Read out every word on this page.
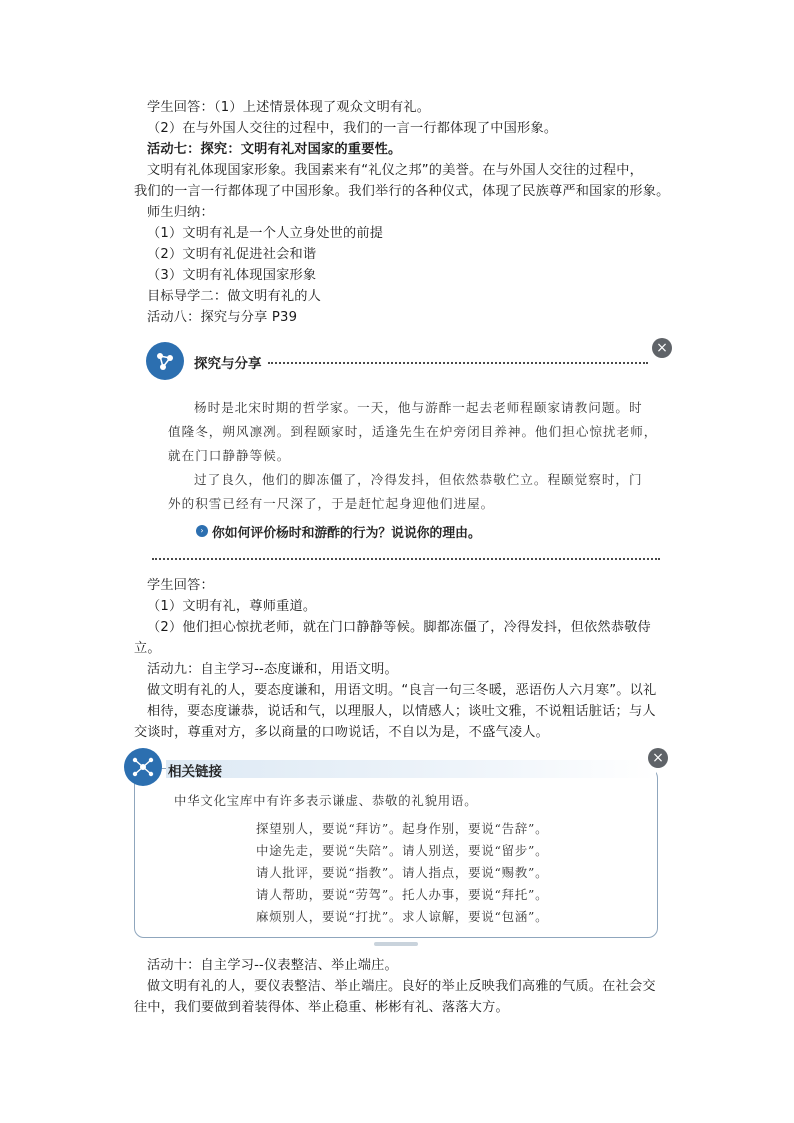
学生回答：（1）上述情景体现了观众文明有礼。
（2）在与外国人交往的过程中，我们的一言一行都体现了中国形象。
活动七：探究：文明有礼对国家的重要性。
文明有礼体现国家形象。我国素来有“礼仪之邦”的美誉。在与外国人交往的过程中，
我们的一言一行都体现了中国形象。我们举行的各种仪式，体现了民族尊严和国家的形象。
师生归纳：
（1）文明有礼是一个人立身处世的前提
（2）文明有礼促进社会和谐
（3）文明有礼体现国家形象
目标导学二：做文明有礼的人
活动八：探究与分享 P39
探究与分享
×
杨时是北宋时期的哲学家。一天，他与游酢一起去老师程颐家请教问题。时
值隆冬，朔风凛冽。到程颐家时，适逢先生在炉旁闭目养神。他们担心惊扰老师，
就在门口静静等候。
过了良久，他们的脚冻僵了，冷得发抖，但依然恭敬伫立。程颐觉察时，门
外的积雪已经有一尺深了，于是赶忙起身迎他们进屋。
› 你如何评价杨时和游酢的行为？说说你的理由。
学生回答：
（1）文明有礼，尊师重道。
（2）他们担心惊扰老师，就在门口静静等候。脚都冻僵了，冷得发抖，但依然恭敬侍
立。
活动九：自主学习--态度谦和，用语文明。
做文明有礼的人，要态度谦和，用语文明。“良言一句三冬暖，恶语伤人六月寒”。以礼
相待，要态度谦恭，说话和气，以理服人，以情感人；谈吐文雅，不说粗话脏话；与人
交谈时，尊重对方，多以商量的口吻说话，不自以为是，不盛气凌人。
相关链接
×
中华文化宝库中有许多表示谦虚、恭敬的礼貌用语。
探望别人，要说“拜访”。起身作别，要说“告辞”。
中途先走，要说“失陪”。请人别送，要说“留步”。
请人批评，要说“指教”。请人指点，要说“赐教”。
请人帮助，要说“劳驾”。托人办事，要说“拜托”。
麻烦别人，要说“打扰”。求人谅解，要说“包涵”。
活动十：自主学习--仪表整洁、举止端庄。
做文明有礼的人，要仪表整洁、举止端庄。良好的举止反映我们高雅的气质。在社会交
往中，我们要做到着装得体、举止稳重、彬彬有礼、落落大方。
